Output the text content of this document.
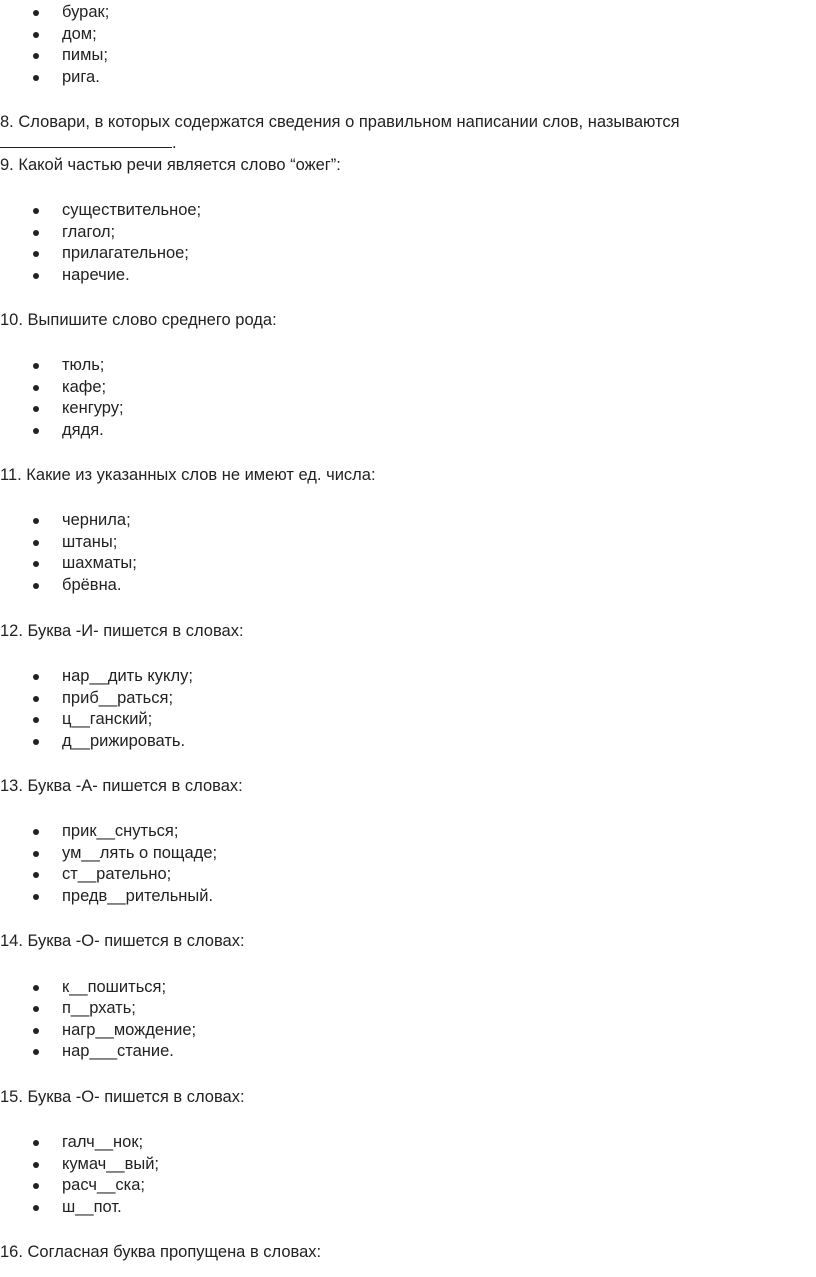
бурак;
дом;
пимы;
рига.
8. Словари, в которых содержатся сведения о правильном написании слов, называются
.
9. Какой частью речи является слово “ожег”:
существительное;
глагол;
прилагательное;
наречие.
10. Выпишите слово среднего рода:
тюль;
кафе;
кенгуру;
дядя.
11. Какие из указанных слов не имеют ед. числа:
чернила;
штаны;
шахматы;
брёвна.
12. Буква -И- пишется в словах:
нар__дить куклу;
приб__раться;
ц__ганский;
д__рижировать.
13. Буква -А- пишется в словах:
прик__снуться;
ум__лять о пощаде;
ст__рательно;
предв__рительный.
14. Буква -О- пишется в словах:
к__пошиться;
п__рхать;
нагр__мождение;
нар___стание.
15. Буква -О- пишется в словах:
галч__нок;
кумач__вый;
расч__ска;
ш__пот.
16. Согласная буква пропущена в словах:
